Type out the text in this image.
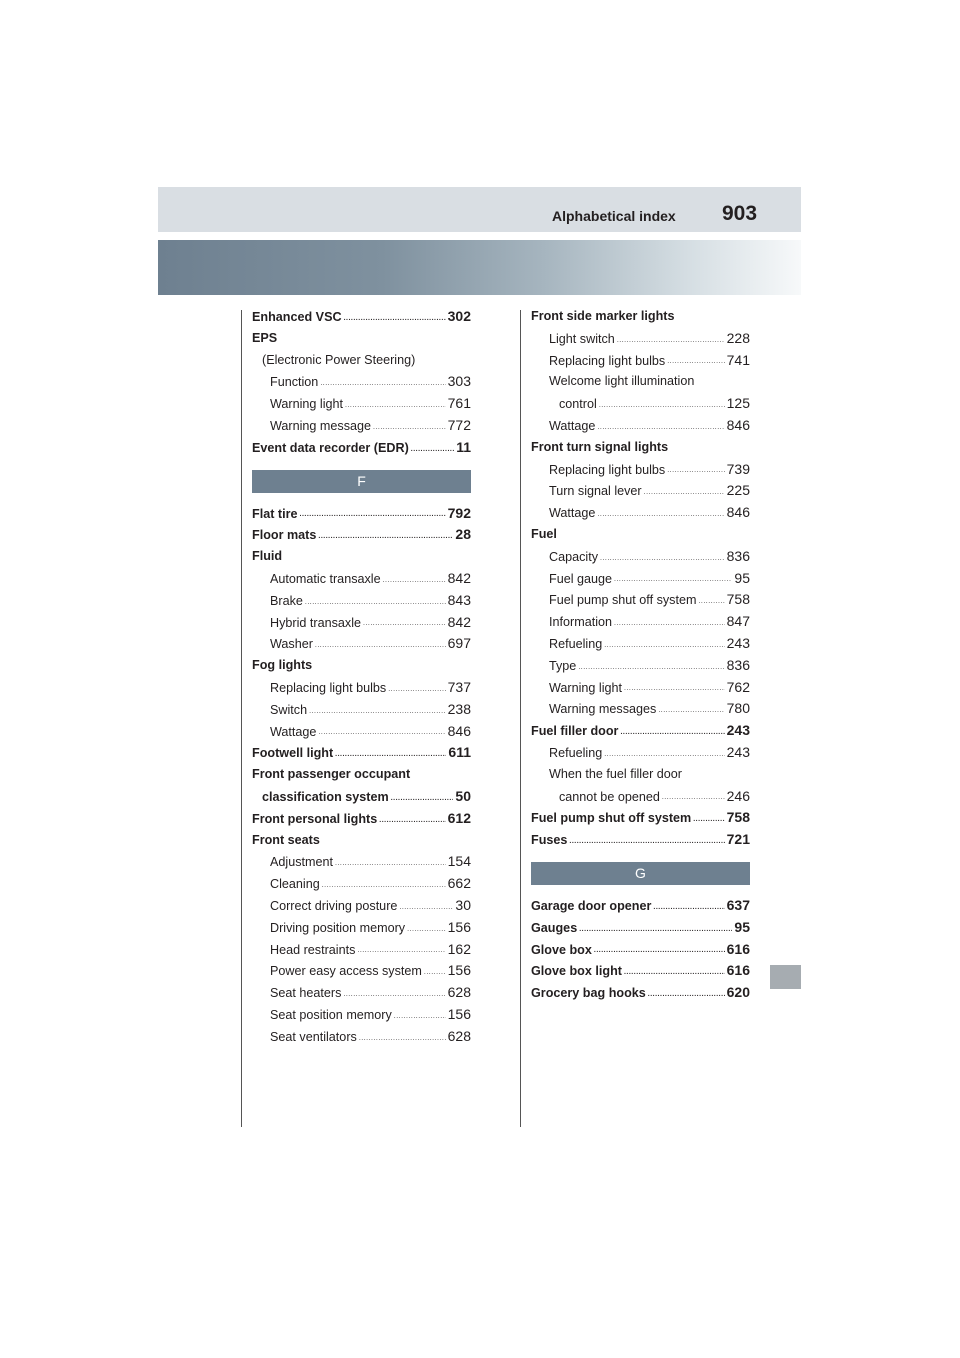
Alphabetical index 903
Enhanced VSC .....	302
EPS
(Electronic Power Steering)
Function .....	303
Warning light .....	761
Warning message .....	772
Event data recorder (EDR) .....	11
F
Flat tire .....	792
Floor mats .....	28
Fluid
Automatic transaxle .....	842
Brake .....	843
Hybrid transaxle .....	842
Washer .....	697
Fog lights
Replacing light bulbs .....	737
Switch .....	238
Wattage .....	846
Footwell light .....	611
Front passenger occupant
classification system .....	50
Front personal lights .....	612
Front seats
Adjustment .....	154
Cleaning .....	662
Correct driving posture .....	30
Driving position memory .....	156
Head restraints .....	162
Power easy access system ..... 156
Seat heaters .....	628
Seat position memory .....	156
Seat ventilators .....	628
Front side marker lights
Light switch .....	228
Replacing light bulbs .....	741
Welcome light illumination
control .....	125
Wattage .....	846
Front turn signal lights
Replacing light bulbs .....	739
Turn signal lever .....	225
Wattage .....	846
Fuel
Capacity .....	836
Fuel gauge .....	95
Fuel pump shut off system ..... 758
Information .....	847
Refueling .....	243
Type .....	836
Warning light .....	762
Warning messages .....	780
Fuel filler door .....	243
Refueling .....	243
When the fuel filler door
cannot be opened .....	246
Fuel pump shut off system .....	758
Fuses .....	721
G
Garage door opener .....	637
Gauges .....	95
Glove box .....	616
Glove box light .....	616
Grocery bag hooks .....	620
